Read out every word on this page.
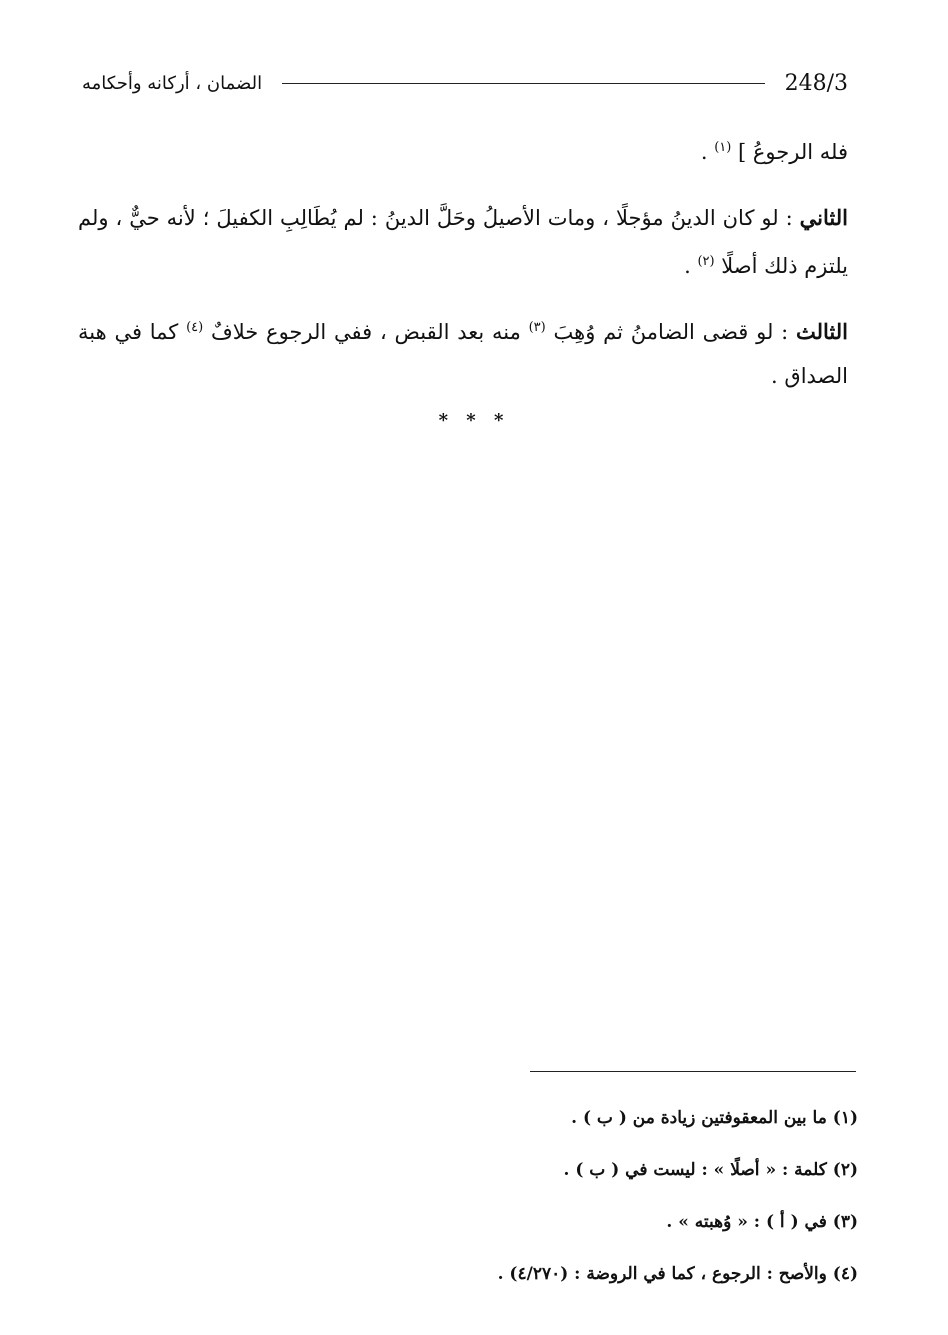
248/3
الضمان ، أركانه وأحكامه

فله الرجوعُ ] $^{(١)}$ .

الثاني : لو كان الدينُ مؤجلًا ، ومات الأصيلُ وحَلَّ الدينُ : لم يُطَالِبِ الكفيلَ ؛ لأنه حيٌّ ، ولم يلتزم ذلك أصلًا $^{(٢)}$ .

الثالث : لو قضى الضامنُ ثم وُهِبَ $^{(٣)}$ منه بعد القبض ، ففي الرجوع خلافٌ $^{(٤)}$ كما في هبة الصداق .

* * *
(١) ما بين المعقوفتين زيادة من ( ب ) .
(٢) كلمة : « أصلًا » : ليست في ( ب ) .
(٣) في ( أ ) : « وُهبته » .
(٤) والأصح : الرجوع ، كما في الروضة : (٤/٢٧٠) .
